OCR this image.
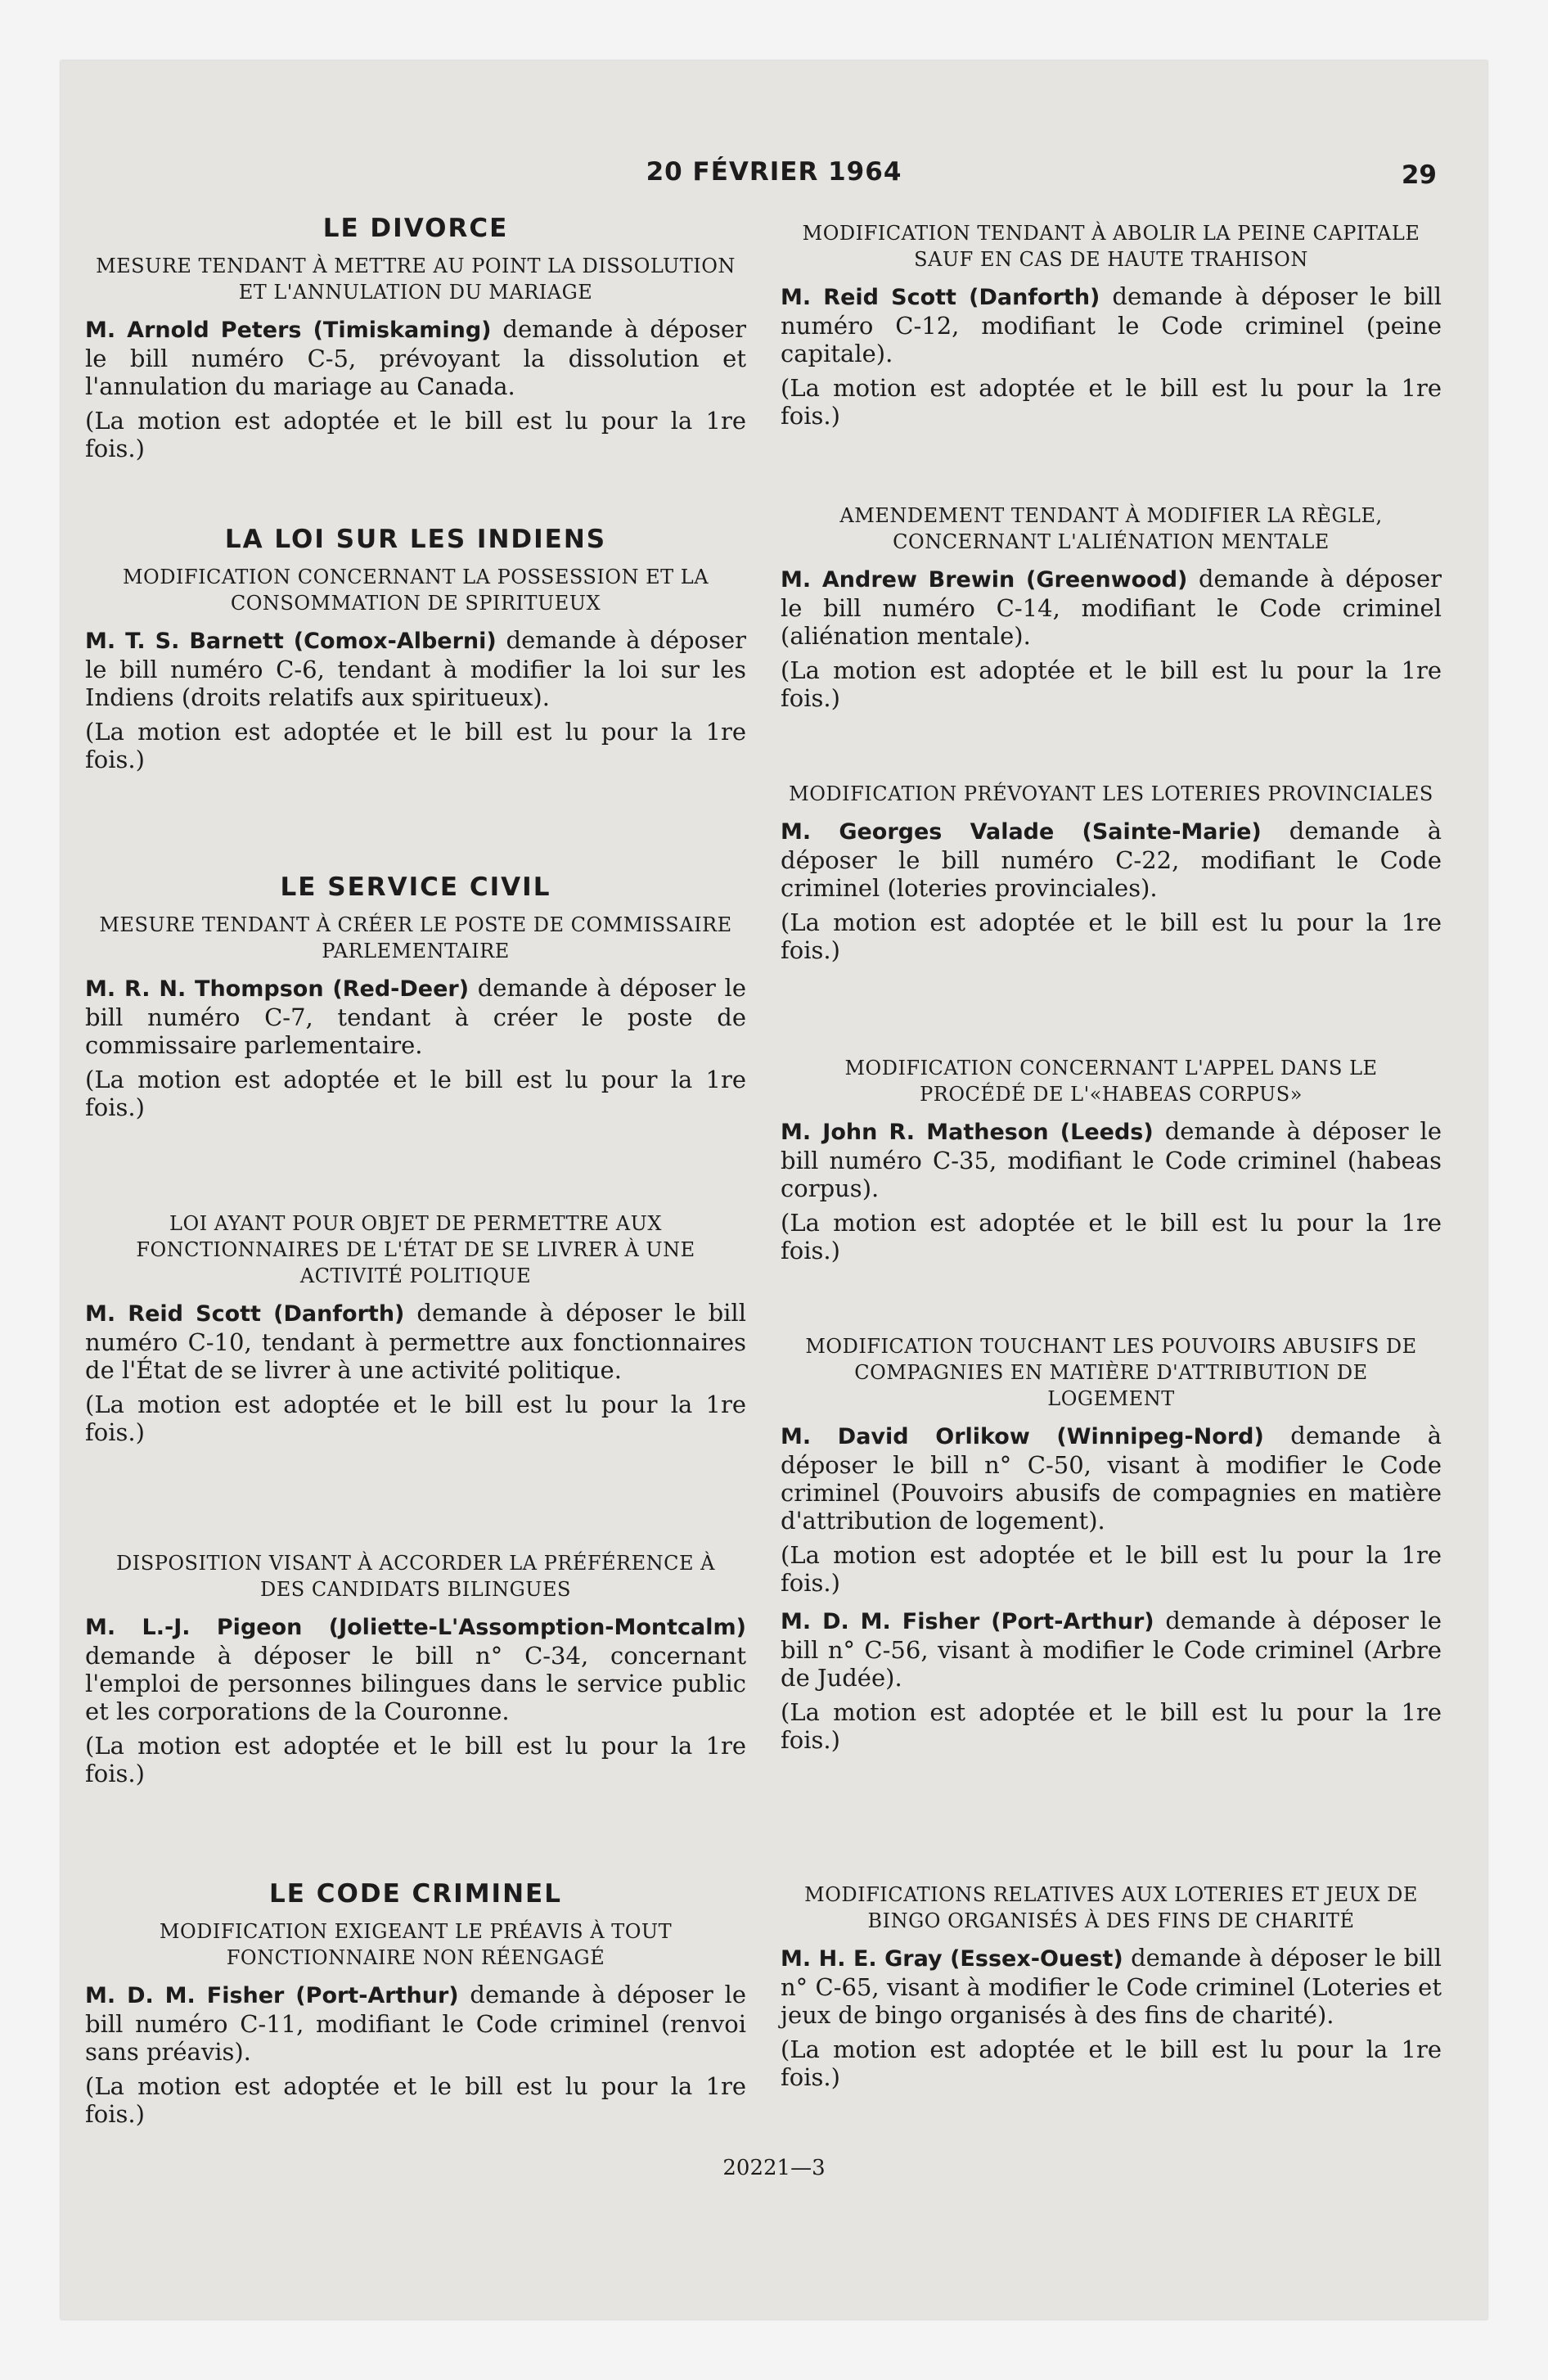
20 FÉVRIER 1964	29
LE DIVORCE
MESURE TENDANT À METTRE AU POINT LA DISSOLUTION ET L'ANNULATION DU MARIAGE

M. Arnold Peters (Timiskaming) demande à déposer le bill numéro C-5, prévoyant la dissolution et l'annulation du mariage au Canada.

(La motion est adoptée et le bill est lu pour la 1re fois.)

LA LOI SUR LES INDIENS
MODIFICATION CONCERNANT LA POSSESSION ET LA CONSOMMATION DE SPIRITUEUX

M. T. S. Barnett (Comox-Alberni) demande à déposer le bill numéro C-6, tendant à modifier la loi sur les Indiens (droits relatifs aux spiritueux).

(La motion est adoptée et le bill est lu pour la 1re fois.)

LE SERVICE CIVIL
MESURE TENDANT À CRÉER LE POSTE DE COMMISSAIRE PARLEMENTAIRE

M. R. N. Thompson (Red-Deer) demande à déposer le bill numéro C-7, tendant à créer le poste de commissaire parlementaire.

(La motion est adoptée et le bill est lu pour la 1re fois.)

LOI AYANT POUR OBJET DE PERMETTRE AUX FONCTIONNAIRES DE L'ÉTAT DE SE LIVRER À UNE ACTIVITÉ POLITIQUE

M. Reid Scott (Danforth) demande à déposer le bill numéro C-10, tendant à permettre aux fonctionnaires de l'État de se livrer à une activité politique.

(La motion est adoptée et le bill est lu pour la 1re fois.)

DISPOSITION VISANT À ACCORDER LA PRÉFÉRENCE À DES CANDIDATS BILINGUES

M. L.-J. Pigeon (Joliette-L'Assomption-Montcalm) demande à déposer le bill n° C-34, concernant l'emploi de personnes bilingues dans le service public et les corporations de la Couronne.

(La motion est adoptée et le bill est lu pour la 1re fois.)

LE CODE CRIMINEL
MODIFICATION EXIGEANT LE PRÉAVIS À TOUT FONCTIONNAIRE NON RÉENGAGÉ

M. D. M. Fisher (Port-Arthur) demande à déposer le bill numéro C-11, modifiant le Code criminel (renvoi sans préavis).

(La motion est adoptée et le bill est lu pour la 1re fois.)

MODIFICATION TENDANT À ABOLIR LA PEINE CAPITALE SAUF EN CAS DE HAUTE TRAHISON

M. Reid Scott (Danforth) demande à déposer le bill numéro C-12, modifiant le Code criminel (peine capitale).

(La motion est adoptée et le bill est lu pour la 1re fois.)

AMENDEMENT TENDANT À MODIFIER LA RÈGLE, CONCERNANT L'ALIÉNATION MENTALE

M. Andrew Brewin (Greenwood) demande à déposer le bill numéro C-14, modifiant le Code criminel (aliénation mentale).

(La motion est adoptée et le bill est lu pour la 1re fois.)

MODIFICATION PRÉVOYANT LES LOTERIES PROVINCIALES

M. Georges Valade (Sainte-Marie) demande à déposer le bill numéro C-22, modifiant le Code criminel (loteries provinciales).

(La motion est adoptée et le bill est lu pour la 1re fois.)

MODIFICATION CONCERNANT L'APPEL DANS LE PROCÉDÉ DE L'«HABEAS CORPUS»

M. John R. Matheson (Leeds) demande à déposer le bill numéro C-35, modifiant le Code criminel (habeas corpus).

(La motion est adoptée et le bill est lu pour la 1re fois.)

MODIFICATION TOUCHANT LES POUVOIRS ABUSIFS DE COMPAGNIES EN MATIÈRE D'ATTRIBUTION DE LOGEMENT

M. David Orlikow (Winnipeg-Nord) demande à déposer le bill n° C-50, visant à modifier le Code criminel (Pouvoirs abusifs de compagnies en matière d'attribution de logement).

(La motion est adoptée et le bill est lu pour la 1re fois.)

M. D. M. Fisher (Port-Arthur) demande à déposer le bill n° C-56, visant à modifier le Code criminel (Arbre de Judée).

(La motion est adoptée et le bill est lu pour la 1re fois.)

MODIFICATIONS RELATIVES AUX LOTERIES ET JEUX DE BINGO ORGANISÉS À DES FINS DE CHARITÉ

M. H. E. Gray (Essex-Ouest) demande à déposer le bill n° C-65, visant à modifier le Code criminel (Loteries et jeux de bingo organisés à des fins de charité).

(La motion est adoptée et le bill est lu pour la 1re fois.)

20221—3
